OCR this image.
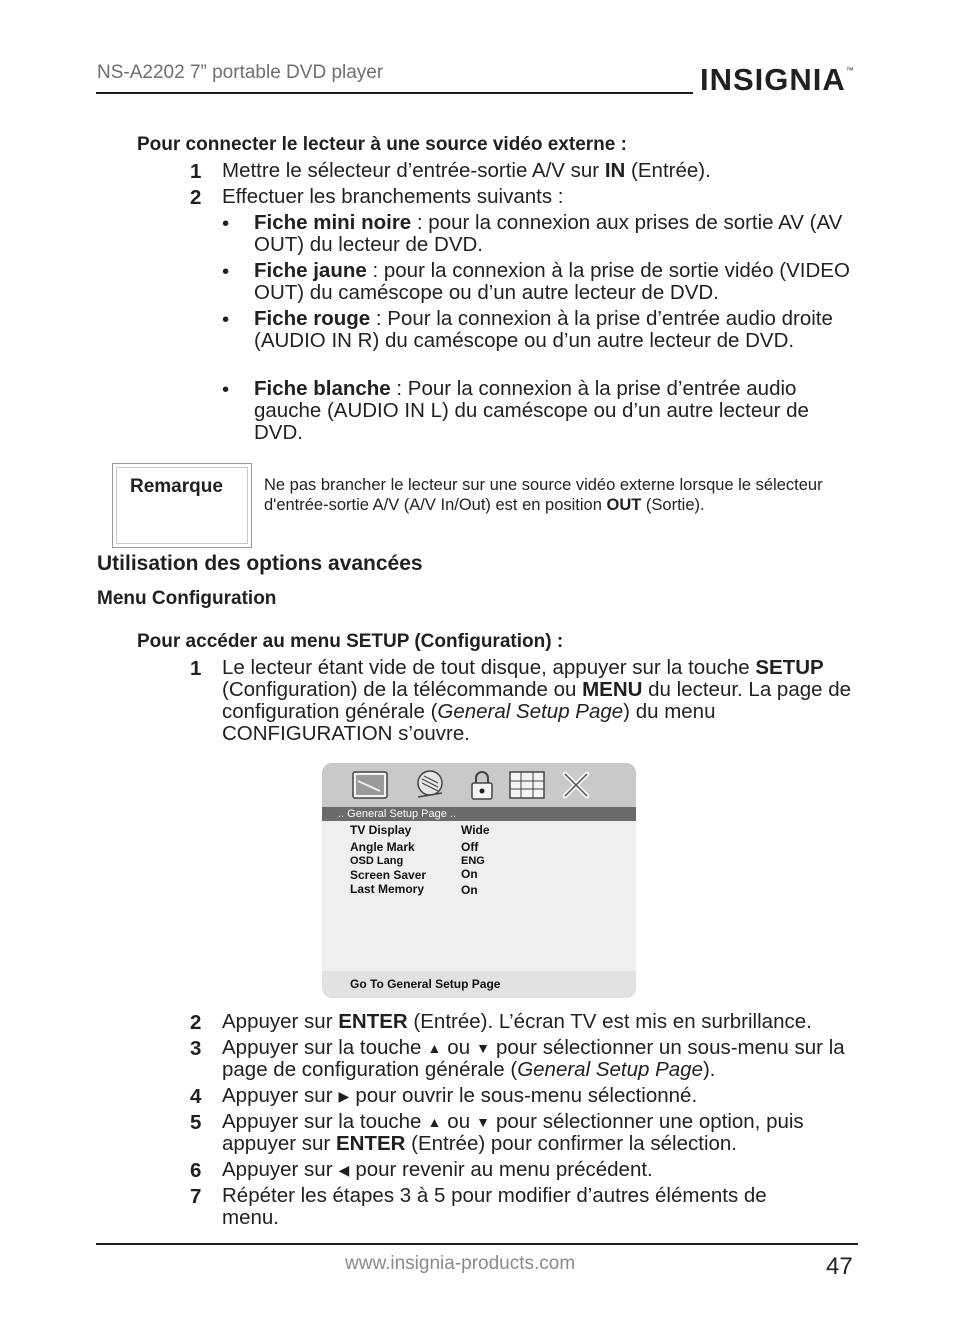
NS-A2202 7” portable DVD player	INSIGNIA™
Pour connecter le lecteur à une source vidéo externe :
1 Mettre le sélecteur d’entrée-sortie A/V sur IN (Entrée).
2 Effectuer les branchements suivants :
• Fiche mini noire : pour la connexion aux prises de sortie AV (AV OUT) du lecteur de DVD.
• Fiche jaune : pour la connexion à la prise de sortie vidéo (VIDEO OUT) du caméscope ou d’un autre lecteur de DVD.
• Fiche rouge : Pour la connexion à la prise d’entrée audio droite (AUDIO IN R) du caméscope ou d’un autre lecteur de DVD.
• Fiche blanche : Pour la connexion à la prise d’entrée audio gauche (AUDIO IN L) du caméscope ou d’un autre lecteur de DVD.
Remarque Ne pas brancher le lecteur sur une source vidéo externe lorsque le sélecteur d'entrée-sortie A/V (A/V In/Out) est en position OUT (Sortie).
Utilisation des options avancées
Menu Configuration
Pour accéder au menu SETUP (Configuration) :
1 Le lecteur étant vide de tout disque, appuyer sur la touche SETUP (Configuration) de la télécommande ou MENU du lecteur. La page de configuration générale (General Setup Page) du menu CONFIGURATION s’ouvre.
.. General Setup Page ..
TV Display	Wide
Angle Mark	Off
OSD Lang	ENG
Screen Saver	On
Last Memory	On
Go To General Setup Page
2 Appuyer sur ENTER (Entrée). L’écran TV est mis en surbrillance.
3 Appuyer sur la touche ▲ ou ▼ pour sélectionner un sous-menu sur la page de configuration générale (General Setup Page).
4 Appuyer sur ▶ pour ouvrir le sous-menu sélectionné.
5 Appuyer sur la touche ▲ ou ▼ pour sélectionner une option, puis appuyer sur ENTER (Entrée) pour confirmer la sélection.
6 Appuyer sur ◀ pour revenir au menu précédent.
7 Répéter les étapes 3 à 5 pour modifier d’autres éléments de menu.
www.insignia-products.com	47
